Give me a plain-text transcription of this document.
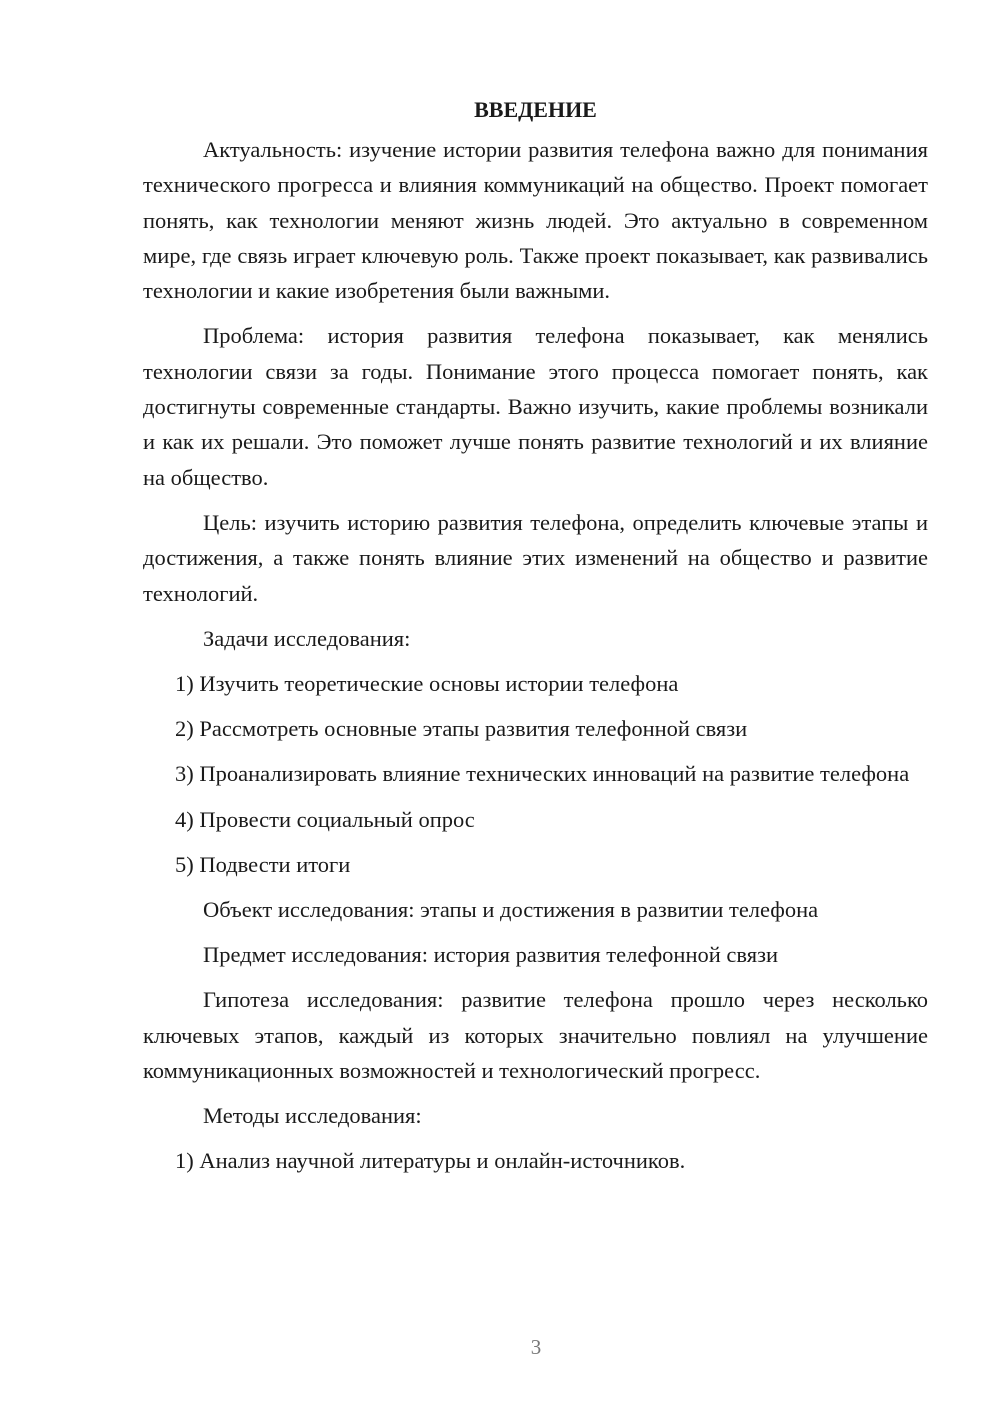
ВВЕДЕНИЕ

Актуальность: изучение истории развития телефона важно для понимания технического прогресса и влияния коммуникаций на общество. Проект помогает понять, как технологии меняют жизнь людей. Это актуально в современном мире, где связь играет ключевую роль. Также проект показывает, как развивались технологии и какие изобретения были важными.

Проблема: история развития телефона показывает, как менялись технологии связи за годы. Понимание этого процесса помогает понять, как достигнуты современные стандарты. Важно изучить, какие проблемы возникали и как их решали. Это поможет лучше понять развитие технологий и их влияние на общество.

Цель: изучить историю развития телефона, определить ключевые этапы и достижения, а также понять влияние этих изменений на общество и развитие технологий.

Задачи исследования:

1) Изучить теоретические основы истории телефона

2) Рассмотреть основные этапы развития телефонной связи

3) Проанализировать влияние технических инноваций на развитие телефона

4) Провести социальный опрос

5) Подвести итоги

Объект исследования: этапы и достижения в развитии телефона

Предмет исследования: история развития телефонной связи

Гипотеза исследования: развитие телефона прошло через несколько ключевых этапов, каждый из которых значительно повлиял на улучшение коммуникационных возможностей и технологический прогресс.

Методы исследования:

1) Анализ научной литературы и онлайн-источников.

3
